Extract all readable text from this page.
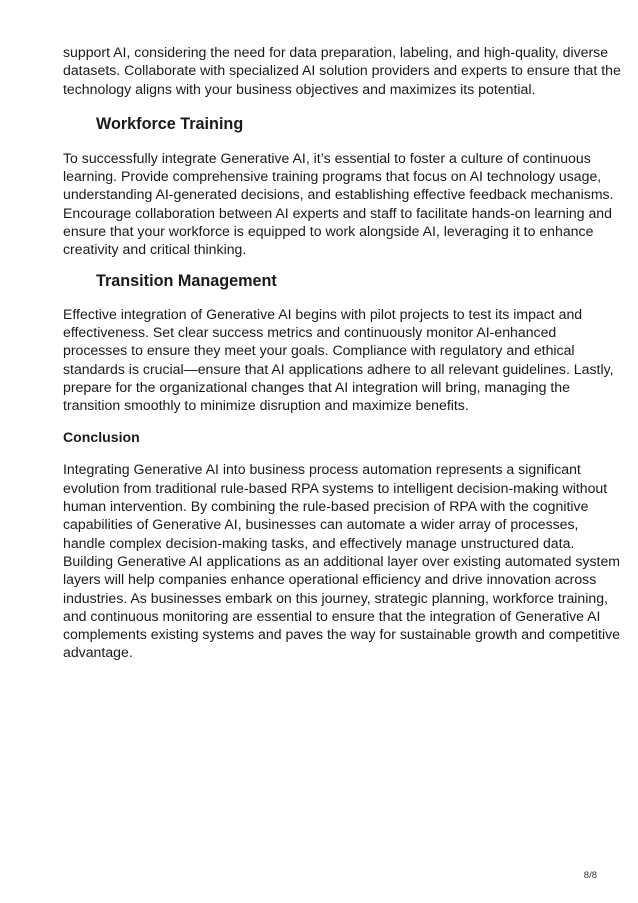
support AI, considering the need for data preparation, labeling, and high-quality, diverse
datasets. Collaborate with specialized AI solution providers and experts to ensure that the
technology aligns with your business objectives and maximizes its potential.

Workforce Training

To successfully integrate Generative AI, it’s essential to foster a culture of continuous
learning. Provide comprehensive training programs that focus on AI technology usage,
understanding AI-generated decisions, and establishing effective feedback mechanisms.
Encourage collaboration between AI experts and staff to facilitate hands-on learning and
ensure that your workforce is equipped to work alongside AI, leveraging it to enhance
creativity and critical thinking.

Transition Management

Effective integration of Generative AI begins with pilot projects to test its impact and
effectiveness. Set clear success metrics and continuously monitor AI-enhanced
processes to ensure they meet your goals. Compliance with regulatory and ethical
standards is crucial—ensure that AI applications adhere to all relevant guidelines. Lastly,
prepare for the organizational changes that AI integration will bring, managing the
transition smoothly to minimize disruption and maximize benefits.

Conclusion

Integrating Generative AI into business process automation represents a significant
evolution from traditional rule-based RPA systems to intelligent decision-making without
human intervention. By combining the rule-based precision of RPA with the cognitive
capabilities of Generative AI, businesses can automate a wider array of processes,
handle complex decision-making tasks, and effectively manage unstructured data.
Building Generative AI applications as an additional layer over existing automated system
layers will help companies enhance operational efficiency and drive innovation across
industries. As businesses embark on this journey, strategic planning, workforce training,
and continuous monitoring are essential to ensure that the integration of Generative AI
complements existing systems and paves the way for sustainable growth and competitive
advantage.

8/8
